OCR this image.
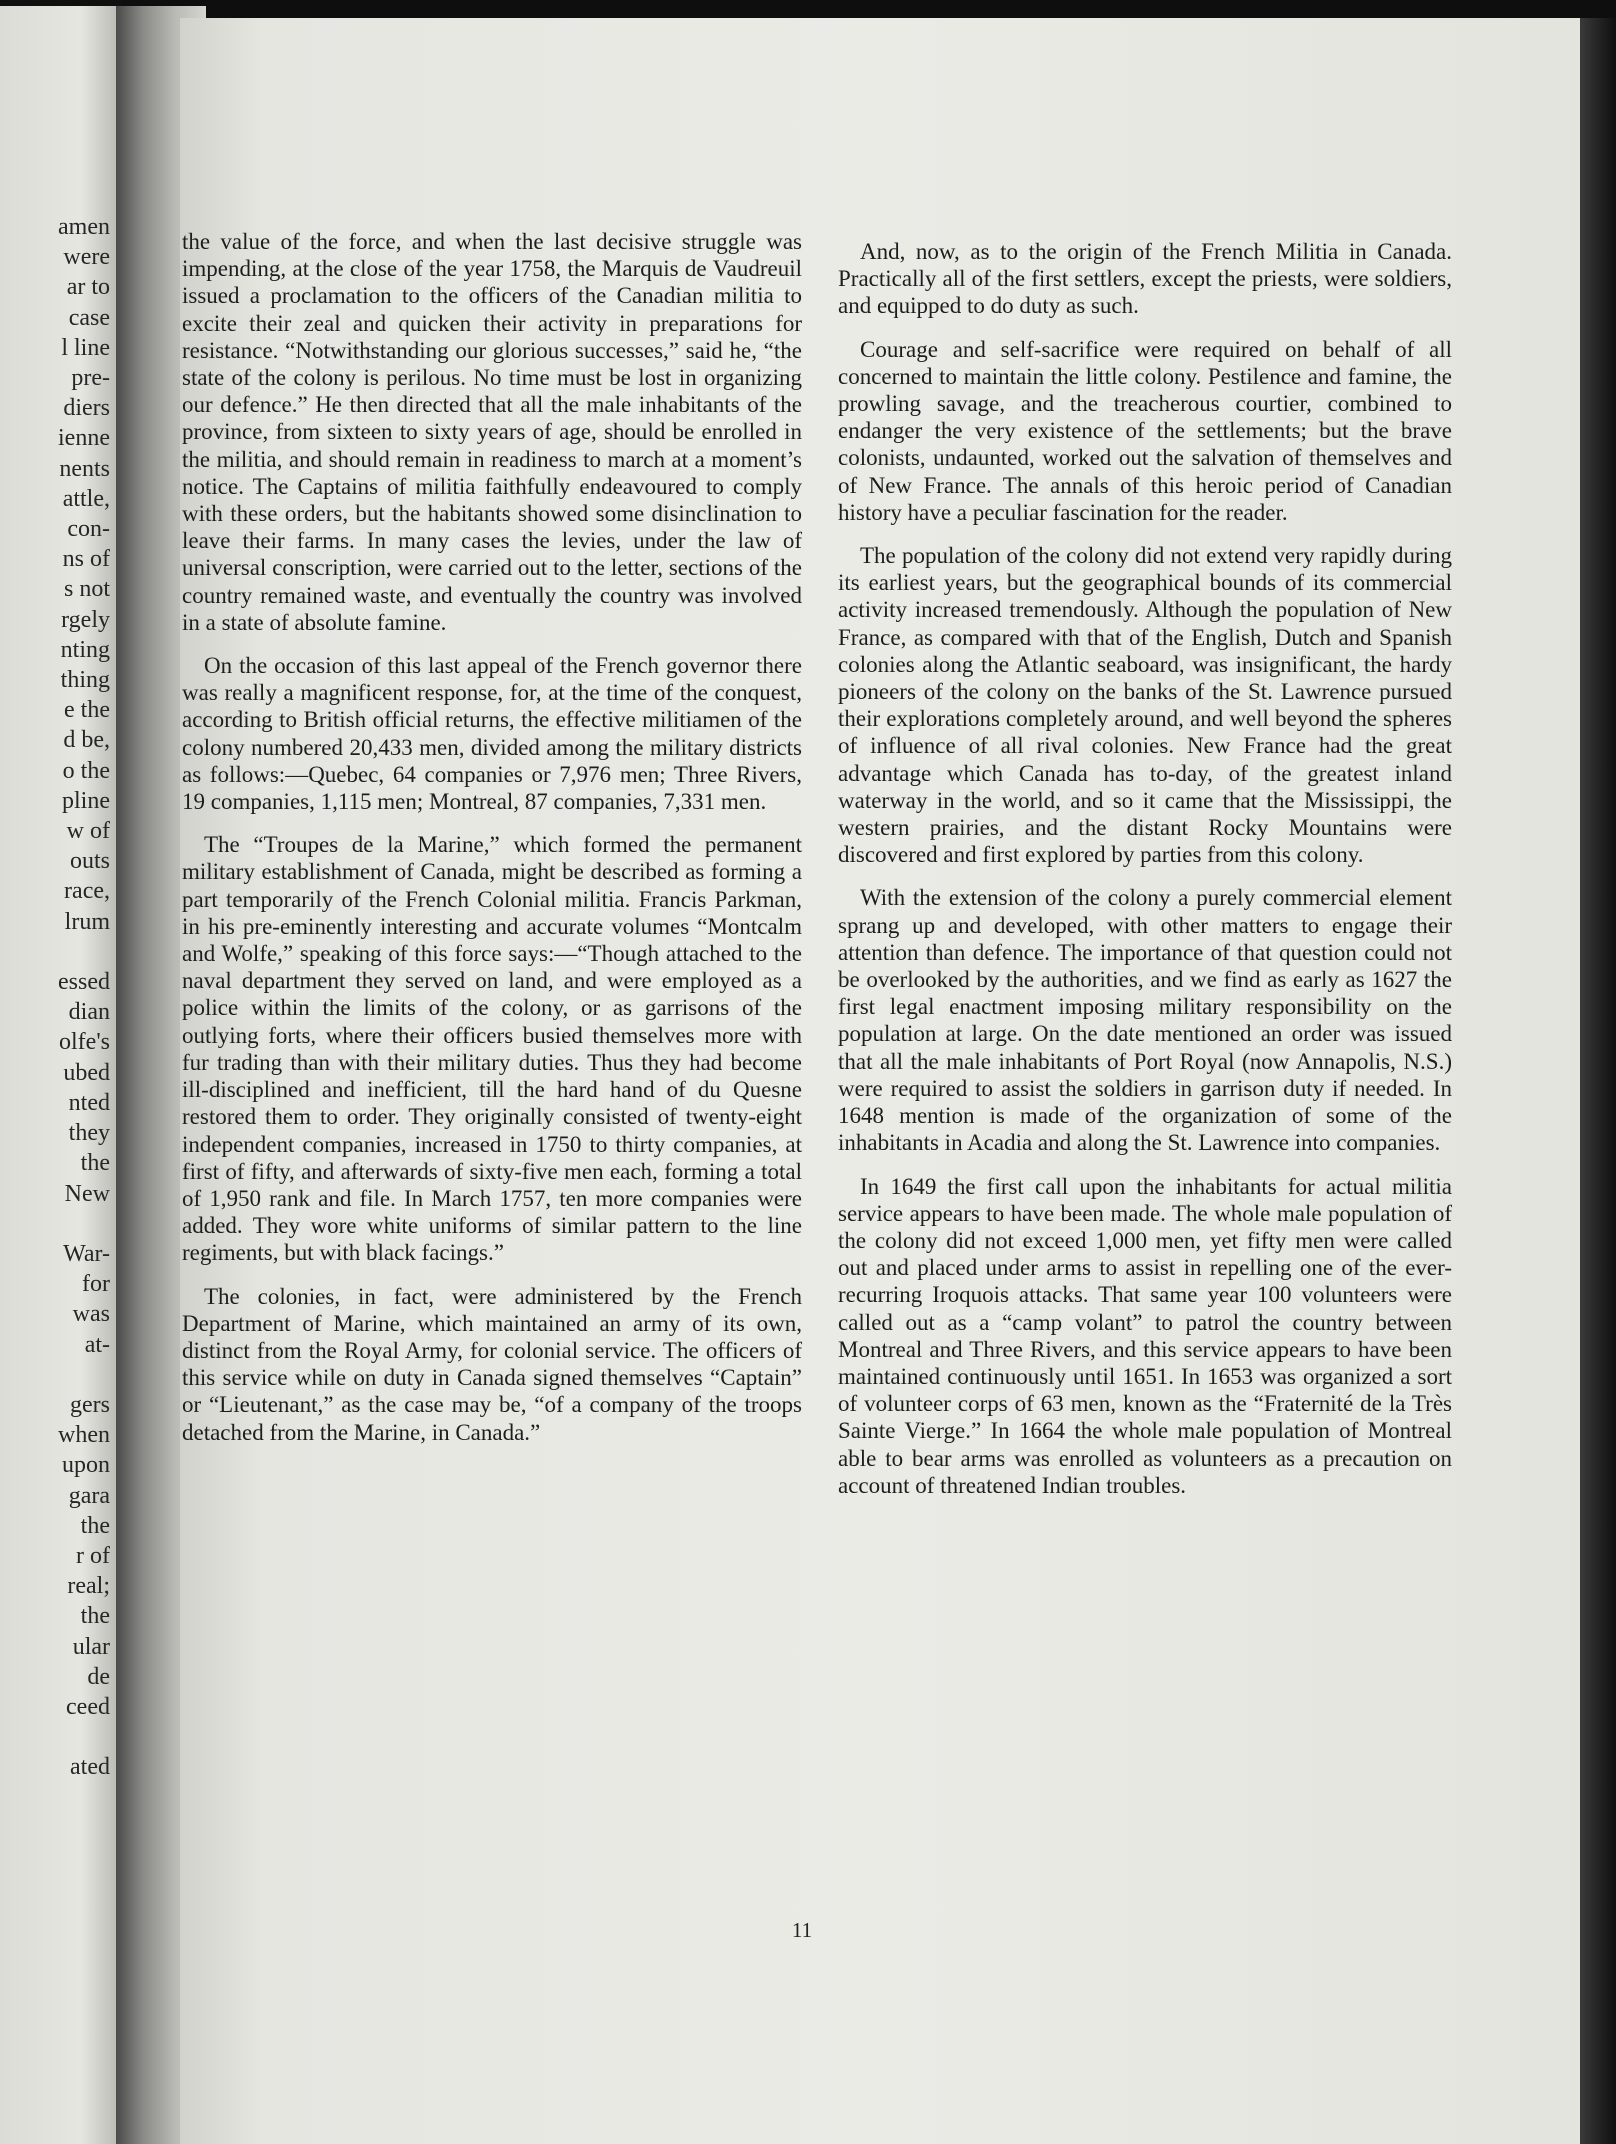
amen
were
ar to
case
l line
pre-
diers
ienne
nents
attle,
con-
ns of
s not
rgely
nting
thing
e the
d be,
o the
pline
w of
outs
race,
lrum

essed
dian
olfe's
ubed
nted
they
the
New

War-
for
was
at-

gers
when
upon
gara
the
r of
real;
the
ular
de
ceed

ated

the value of the force, and when the last decisive struggle was impending, at the close of the year 1758, the Marquis de Vaudreuil issued a proclamation to the officers of the Canadian militia to excite their zeal and quicken their activity in preparations for resistance. “Notwithstanding our glorious successes,” said he, “the state of the colony is perilous. No time must be lost in organizing our defence.” He then directed that all the male inhabitants of the province, from sixteen to sixty years of age, should be enrolled in the militia, and should remain in readiness to march at a moment’s notice. The Captains of militia faithfully endeavoured to comply with these orders, but the habitants showed some disinclination to leave their farms. In many cases the levies, under the law of universal conscription, were carried out to the letter, sections of the country remained waste, and eventually the country was involved in a state of absolute famine.

On the occasion of this last appeal of the French governor there was really a magnificent response, for, at the time of the conquest, according to British official returns, the effective militiamen of the colony numbered 20,433 men, divided among the military districts as follows:—Quebec, 64 companies or 7,976 men; Three Rivers, 19 companies, 1,115 men; Montreal, 87 companies, 7,331 men.

The “Troupes de la Marine,” which formed the permanent military establishment of Canada, might be described as forming a part temporarily of the French Colonial militia. Francis Parkman, in his pre-eminently interesting and accurate volumes “Montcalm and Wolfe,” speaking of this force says:—“Though attached to the naval department they served on land, and were employed as a police within the limits of the colony, or as garrisons of the outlying forts, where their officers busied themselves more with fur trading than with their military duties. Thus they had become ill-disciplined and inefficient, till the hard hand of du Quesne restored them to order. They originally consisted of twenty-eight independent companies, increased in 1750 to thirty companies, at first of fifty, and afterwards of sixty-five men each, forming a total of 1,950 rank and file. In March 1757, ten more companies were added. They wore white uniforms of similar pattern to the line regiments, but with black facings.”

The colonies, in fact, were administered by the French Department of Marine, which maintained an army of its own, distinct from the Royal Army, for colonial service. The officers of this service while on duty in Canada signed themselves “Captain” or “Lieutenant,” as the case may be, “of a company of the troops detached from the Marine, in Canada.”

And, now, as to the origin of the French Militia in Canada. Practically all of the first settlers, except the priests, were soldiers, and equipped to do duty as such.

Courage and self-sacrifice were required on behalf of all concerned to maintain the little colony. Pestilence and famine, the prowling savage, and the treacherous courtier, combined to endanger the very existence of the settlements; but the brave colonists, undaunted, worked out the salvation of themselves and of New France. The annals of this heroic period of Canadian history have a peculiar fascination for the reader.

The population of the colony did not extend very rapidly during its earliest years, but the geographical bounds of its commercial activity increased tremendously. Although the population of New France, as compared with that of the English, Dutch and Spanish colonies along the Atlantic seaboard, was insignificant, the hardy pioneers of the colony on the banks of the St. Lawrence pursued their explorations completely around, and well beyond the spheres of influence of all rival colonies. New France had the great advantage which Canada has to-day, of the greatest inland waterway in the world, and so it came that the Mississippi, the western prairies, and the distant Rocky Mountains were discovered and first explored by parties from this colony.

With the extension of the colony a purely commercial element sprang up and developed, with other matters to engage their attention than defence. The importance of that question could not be overlooked by the authorities, and we find as early as 1627 the first legal enactment imposing military responsibility on the population at large. On the date mentioned an order was issued that all the male inhabitants of Port Royal (now Annapolis, N.S.) were required to assist the soldiers in garrison duty if needed. In 1648 mention is made of the organization of some of the inhabitants in Acadia and along the St. Lawrence into companies.

In 1649 the first call upon the inhabitants for actual militia service appears to have been made. The whole male population of the colony did not exceed 1,000 men, yet fifty men were called out and placed under arms to assist in repelling one of the ever-recurring Iroquois attacks. That same year 100 volunteers were called out as a “camp volant” to patrol the country between Montreal and Three Rivers, and this service appears to have been maintained continuously until 1651. In 1653 was organized a sort of volunteer corps of 63 men, known as the “Fraternité de la Très Sainte Vierge.” In 1664 the whole male population of Montreal able to bear arms was enrolled as volunteers as a precaution on account of threatened Indian troubles.

11
